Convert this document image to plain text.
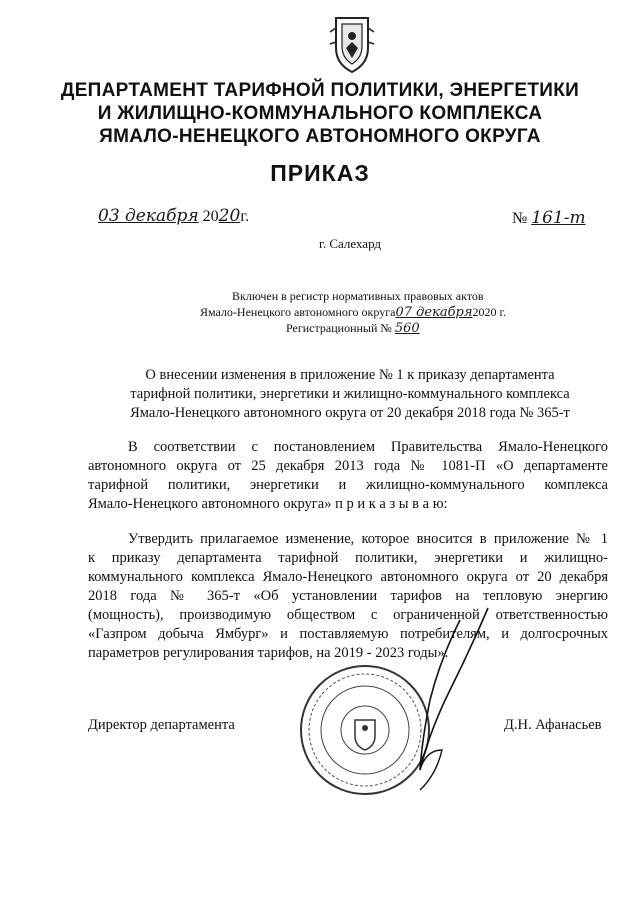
ДЕПАРТАМЕНТ ТАРИФНОЙ ПОЛИТИКИ, ЭНЕРГЕТИКИ
И ЖИЛИЩНО-КОММУНАЛЬНОГО КОМПЛЕКСА
ЯМАЛО-НЕНЕЦКОГО АВТОНОМНОГО ОКРУГА
ПРИКАЗ
03 декабря 2020г.	№ 161-т
г. Салехард
Включен в регистр нормативных правовых актов
Ямало-Ненецкого автономного округа07 декабря2020 г.
Регистрационный № 560
О внесении изменения в приложение № 1 к приказу департамента
тарифной политики, энергетики и жилищно-коммунального комплекса
Ямало-Ненецкого автономного округа от 20 декабря 2018 года № 365-т
В соответствии с постановлением Правительства Ямало-Ненецкого
автономного округа от 25 декабря 2013 года № 1081-П «О департаменте
тарифной политики, энергетики и жилищно-коммунального комплекса
Ямало-Ненецкого автономного округа» п р и к а з ы в а ю:
Утвердить прилагаемое изменение, которое вносится в приложение № 1
к приказу департамента тарифной политики, энергетики и жилищно-
коммунального комплекса Ямало-Ненецкого автономного округа от 20 декабря
2018 года № 365-т «Об установлении тарифов на тепловую энергию
(мощность), производимую обществом с ограниченной ответственностью
«Газпром добыча Ямбург» и поставляемую потребителям, и долгосрочных
параметров регулирования тарифов, на 2019 - 2023 годы».
Директор департамента	Д.Н. Афанасьев
